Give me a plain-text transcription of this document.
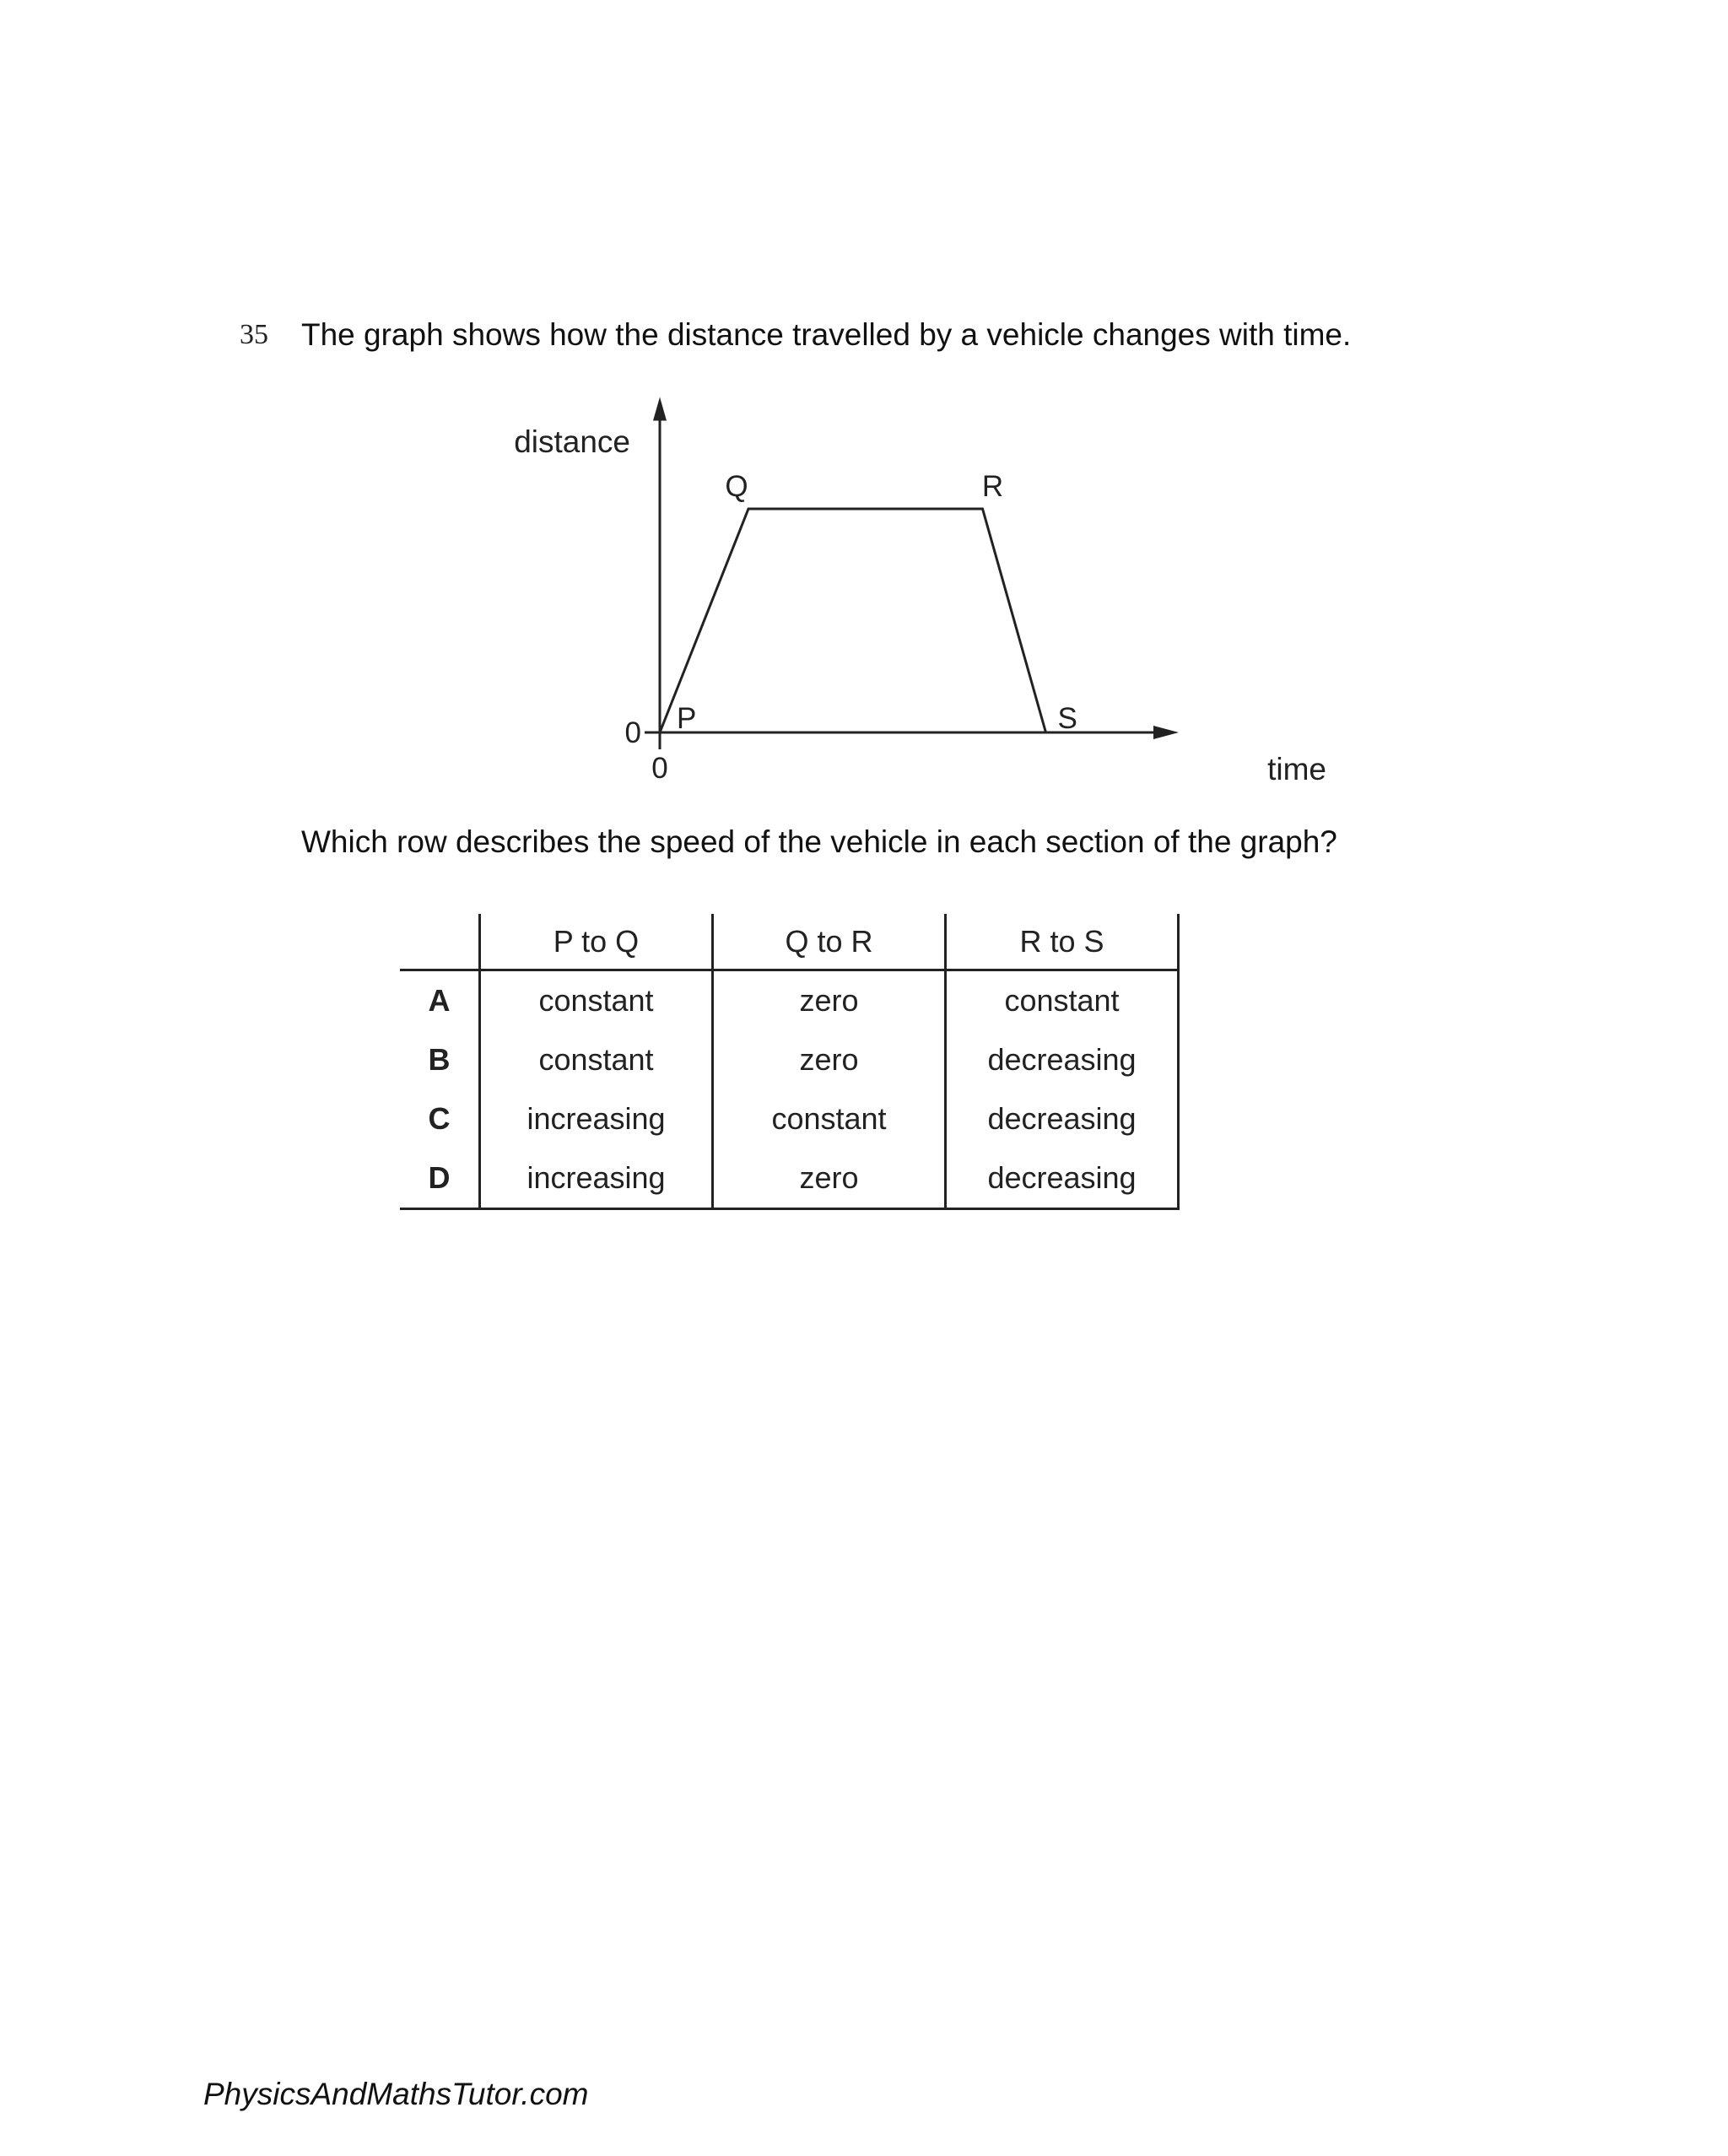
35 The graph shows how the distance travelled by a vehicle changes with time.
time
distance
0
0 P
Q	R
S
Which row describes the speed of the vehicle in each section of the graph?
	P to Q	Q to R	R to S
A	constant	zero	constant
B	constant	zero	decreasing
C	increasing	constant	decreasing
D	increasing	zero	decreasing
PhysicsAndMathsTutor.com
